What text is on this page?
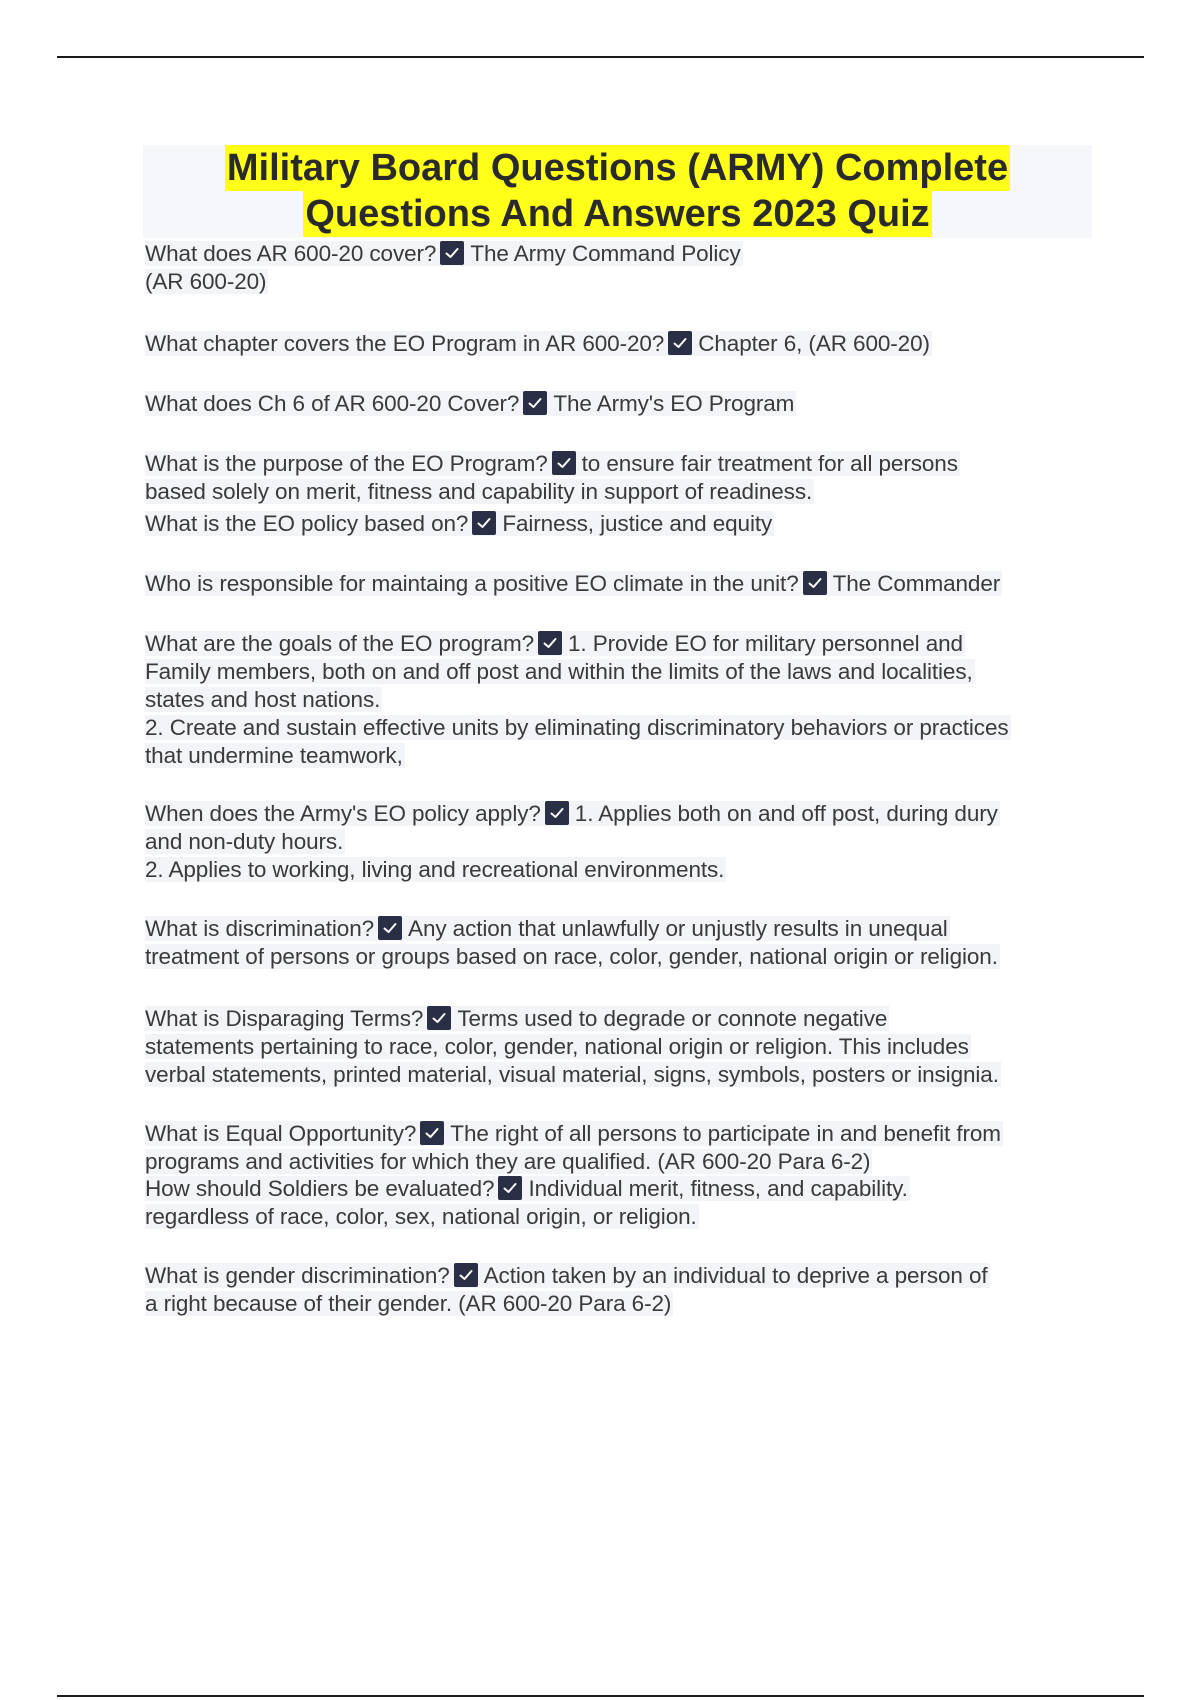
Military Board Questions (ARMY) Complete
Questions And Answers 2023 Quiz
What does AR 600-20 cover? The Army Command Policy
(AR 600-20)
What chapter covers the EO Program in AR 600-20? Chapter 6, (AR 600-20)
What does Ch 6 of AR 600-20 Cover? The Army's EO Program
What is the purpose of the EO Program? to ensure fair treatment for all persons
based solely on merit, fitness and capability in support of readiness.
What is the EO policy based on? Fairness, justice and equity
Who is responsible for maintaing a positive EO climate in the unit? The Commander
What are the goals of the EO program? 1. Provide EO for military personnel and
Family members, both on and off post and within the limits of the laws and localities,
states and host nations.
2. Create and sustain effective units by eliminating discriminatory behaviors or practices
that undermine teamwork,
When does the Army's EO policy apply? 1. Applies both on and off post, during dury
and non-duty hours.
2. Applies to working, living and recreational environments.
What is discrimination? Any action that unlawfully or unjustly results in unequal
treatment of persons or groups based on race, color, gender, national origin or religion.
What is Disparaging Terms? Terms used to degrade or connote negative
statements pertaining to race, color, gender, national origin or religion. This includes
verbal statements, printed material, visual material, signs, symbols, posters or insignia.
What is Equal Opportunity? The right of all persons to participate in and benefit from
programs and activities for which they are qualified. (AR 600-20 Para 6-2)
How should Soldiers be evaluated? Individual merit, fitness, and capability.
regardless of race, color, sex, national origin, or religion.
What is gender discrimination? Action taken by an individual to deprive a person of
a right because of their gender. (AR 600-20 Para 6-2)
